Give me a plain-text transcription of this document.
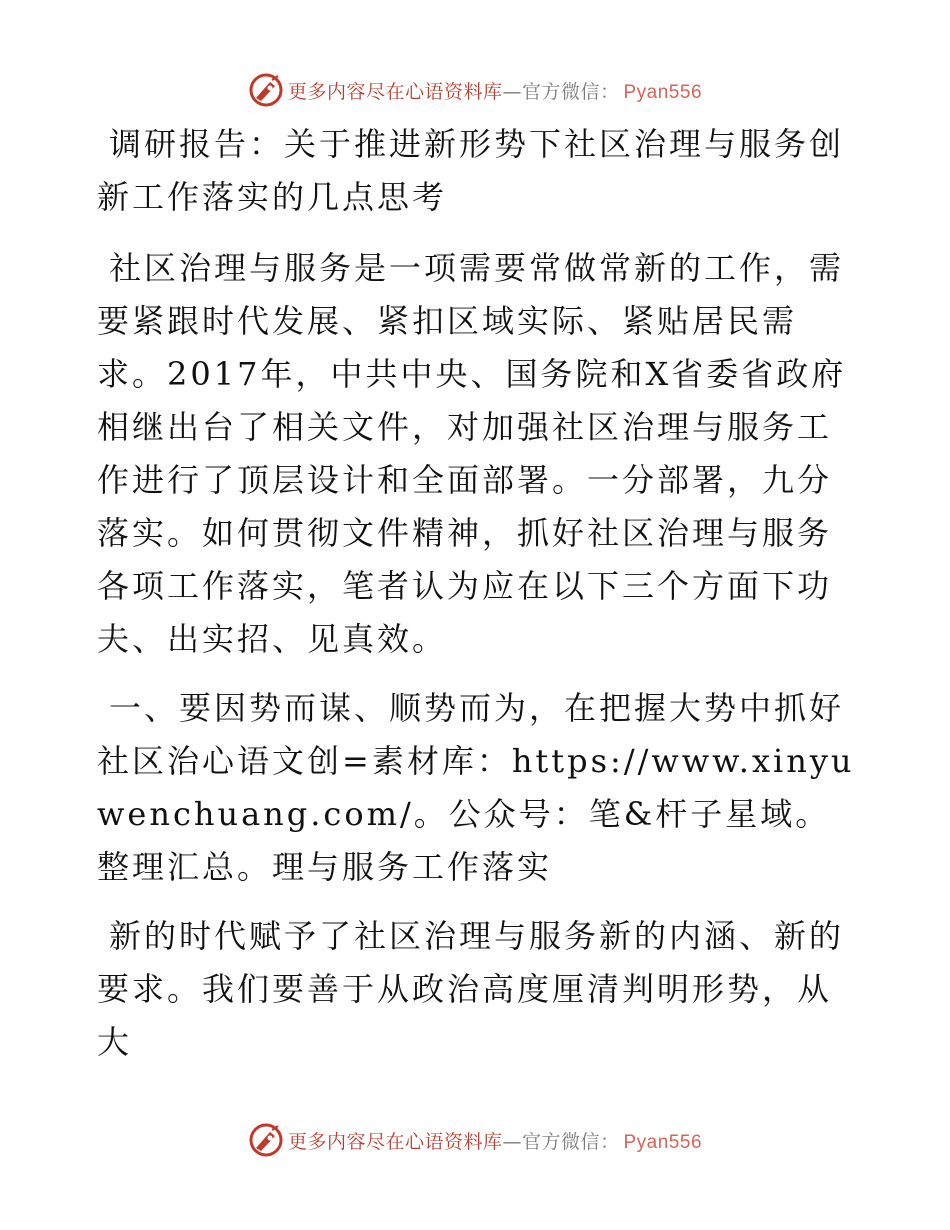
更多内容尽在心语资料库—官方微信： Pyan556

调研报告：关于推进新形势下社区治理与服务创新工作落实的几点思考

社区治理与服务是一项需要常做常新的工作，需要紧跟时代发展、紧扣区域实际、紧贴居民需求。2017年，中共中央、国务院和X省委省政府相继出台了相关文件，对加强社区治理与服务工作进行了顶层设计和全面部署。一分部署，九分落实。如何贯彻文件精神，抓好社区治理与服务各项工作落实，笔者认为应在以下三个方面下功夫、出实招、见真效。

一、要因势而谋、顺势而为，在把握大势中抓好社区治心语文创=素材库：https://www.xinyuwenchuang.com/。公众号：笔&杆子星域。整理汇总。理与服务工作落实

新的时代赋予了社区治理与服务新的内涵、新的要求。我们要善于从政治高度厘清判明形势，从大

更多内容尽在心语资料库—官方微信： Pyan556
